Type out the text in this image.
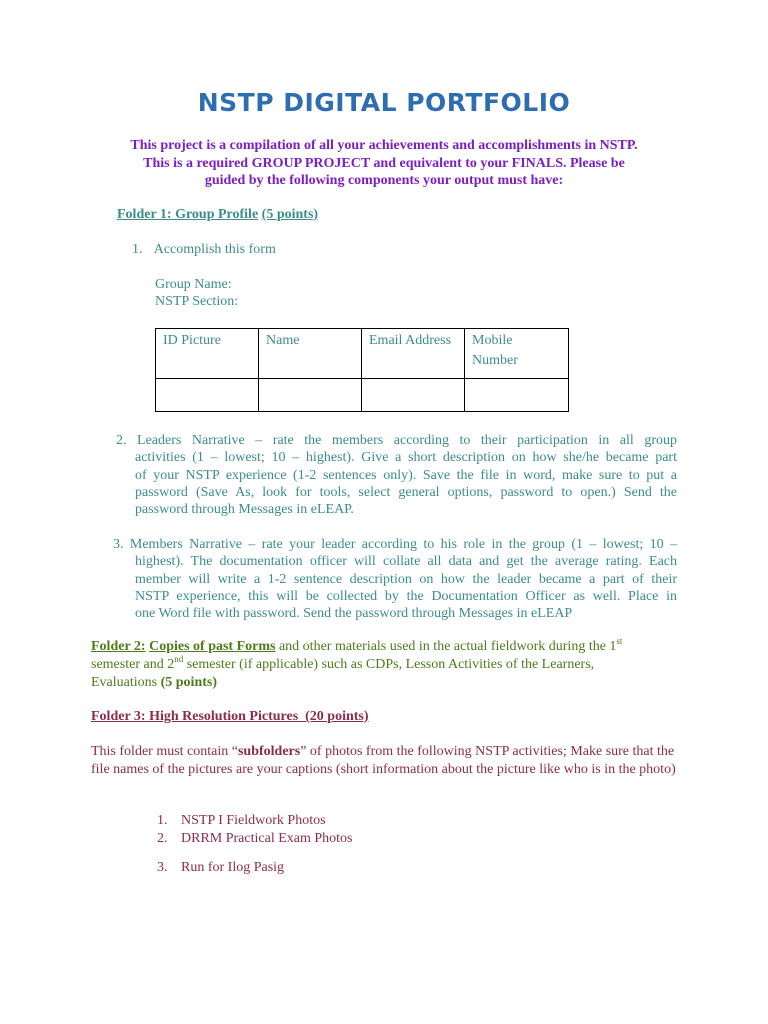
NSTP DIGITAL PORTFOLIO
This project is a compilation of all your achievements and accomplishments in NSTP.
This is a required GROUP PROJECT and equivalent to your FINALS. Please be
guided by the following components your output must have:
Folder 1: Group Profile (5 points)
1. Accomplish this form
Group Name:
NSTP Section:
ID Picture	Name	Email Address	Mobile Number

2. Leaders Narrative – rate the members according to their participation in all group
activities (1 – lowest; 10 – highest). Give a short description on how she/he became part
of your NSTP experience (1-2 sentences only). Save the file in word, make sure to put a
password (Save As, look for tools, select general options, password to open.) Send the
password through Messages in eLEAP.
3. Members Narrative – rate your leader according to his role in the group (1 – lowest; 10 –
highest). The documentation officer will collate all data and get the average rating. Each
member will write a 1-2 sentence description on how the leader became a part of their
NSTP experience, this will be collected by the Documentation Officer as well. Place in
one Word file with password. Send the password through Messages in eLEAP
Folder 2: Copies of past Forms and other materials used in the actual fieldwork during the 1st
semester and 2nd semester (if applicable) such as CDPs, Lesson Activities of the Learners,
Evaluations (5 points)
Folder 3: High Resolution Pictures  (20 points)
This folder must contain “subfolders” of photos from the following NSTP activities; Make sure that the file names of the pictures are your captions (short information about the picture like who is in the photo)
1. NSTP I Fieldwork Photos
2. DRRM Practical Exam Photos
3. Run for Ilog Pasig
